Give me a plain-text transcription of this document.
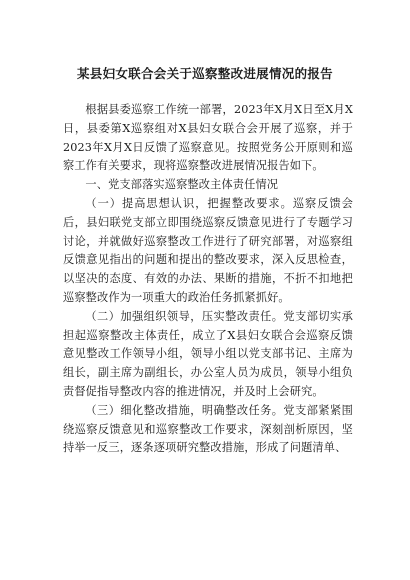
某县妇女联合会关于巡察整改进展情况的报告

根据县委巡察工作统一部署，2023年X月X日至X月X日，县委第X巡察组对X县妇女联合会开展了巡察，并于2023年X月X日反馈了巡察意见。按照党务公开原则和巡察工作有关要求，现将巡察整改进展情况报告如下。

一、党支部落实巡察整改主体责任情况

（一）提高思想认识，把握整改要求。巡察反馈会后，县妇联党支部立即围绕巡察反馈意见进行了专题学习讨论，并就做好巡察整改工作进行了研究部署，对巡察组反馈意见指出的问题和提出的整改要求，深入反思检查，以坚决的态度、有效的办法、果断的措施，不折不扣地把巡察整改作为一项重大的政治任务抓紧抓好。

（二）加强组织领导，压实整改责任。党支部切实承担起巡察整改主体责任，成立了X县妇女联合会巡察反馈意见整改工作领导小组，领导小组以党支部书记、主席为组长，副主席为副组长，办公室人员为成员，领导小组负责督促指导整改内容的推进情况，并及时上会研究。

（三）细化整改措施，明确整改任务。党支部紧紧围绕巡察反馈意见和巡察整改工作要求，深刻剖析原因，坚持举一反三，逐条逐项研究整改措施，形成了问题清单、
